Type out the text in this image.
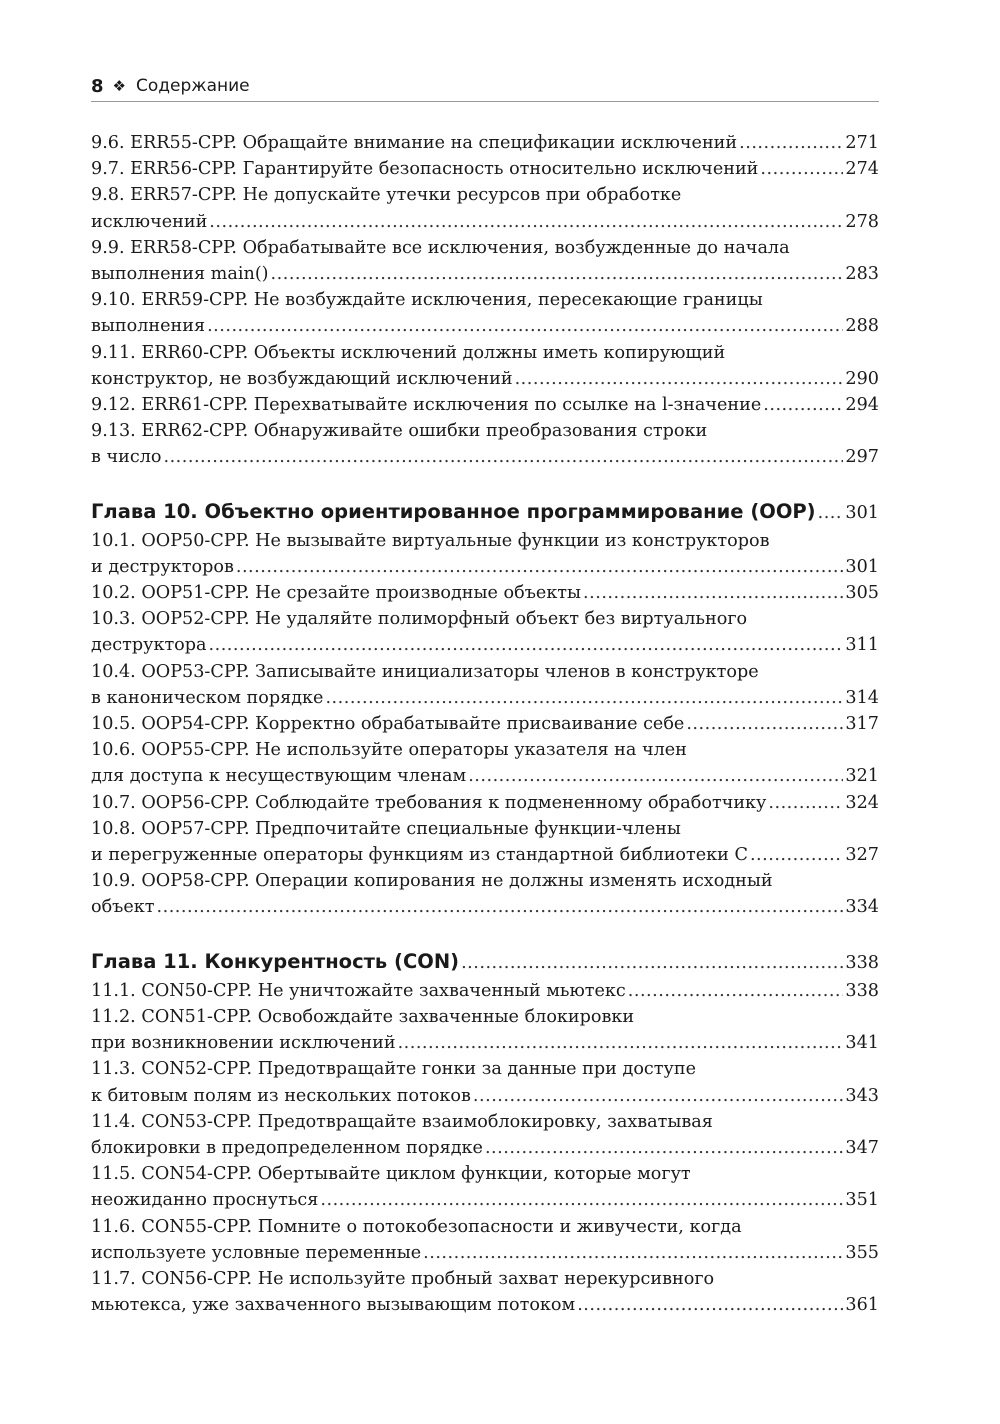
8 ❖ Содержание
9.6. ERR55-CPP. Обращайте внимание на спецификации исключений .....	271
9.7. ERR56-CPP. Гарантируйте безопасность относительно исключений .....	274
9.8. ERR57-CPP. Не допускайте утечки ресурсов при обработке
исключений .....	278
9.9. ERR58-CPP. Обрабатывайте все исключения, возбужденные до начала
выполнения main() .....	283
9.10. ERR59-CPP. Не возбуждайте исключения, пересекающие границы
выполнения .....	288
9.11. ERR60-CPP. Объекты исключений должны иметь копирующий
конструктор, не возбуждающий исключений .....	290
9.12. ERR61-CPP. Перехватывайте исключения по ссылке на l-значение .....	294
9.13. ERR62-CPP. Обнаруживайте ошибки преобразования строки
в число .....	297
Глава 10. Объектно ориентированное программирование (OOP) ..... 301
10.1. OOP50-CPP. Не вызывайте виртуальные функции из конструкторов
и деструкторов .....	301
10.2. OOP51-CPP. Не срезайте производные объекты .....	305
10.3. OOP52-CPP. Не удаляйте полиморфный объект без виртуального
деструктора .....	311
10.4. OOP53-CPP. Записывайте инициализаторы членов в конструкторе
в каноническом порядке .....	314
10.5. OOP54-CPP. Корректно обрабатывайте присваивание себе .....	317
10.6. OOP55-CPP. Не используйте операторы указателя на член
для доступа к несуществующим членам .....	321
10.7. OOP56-CPP. Соблюдайте требования к подмененному обработчику .....	324
10.8. OOP57-CPP. Предпочитайте специальные функции-члены
и перегруженные операторы функциям из стандартной библиотеки C .....	327
10.9. OOP58-CPP. Операции копирования не должны изменять исходный
объект .....	334
Глава 11. Конкурентность (CON) .....	338
11.1. CON50-CPP. Не уничтожайте захваченный мьютекс .....	338
11.2. CON51-CPP. Освобождайте захваченные блокировки
при возникновении исключений .....	341
11.3. CON52-CPP. Предотвращайте гонки за данные при доступе
к битовым полям из нескольких потоков .....	343
11.4. CON53-CPP. Предотвращайте взаимоблокировку, захватывая
блокировки в предопределенном порядке .....	347
11.5. CON54-CPP. Обертывайте циклом функции, которые могут
неожиданно проснуться .....	351
11.6. CON55-CPP. Помните о потокобезопасности и живучести, когда
используете условные переменные .....	355
11.7. CON56-CPP. Не используйте пробный захват нерекурсивного
мьютекса, уже захваченного вызывающим потоком .....	361
